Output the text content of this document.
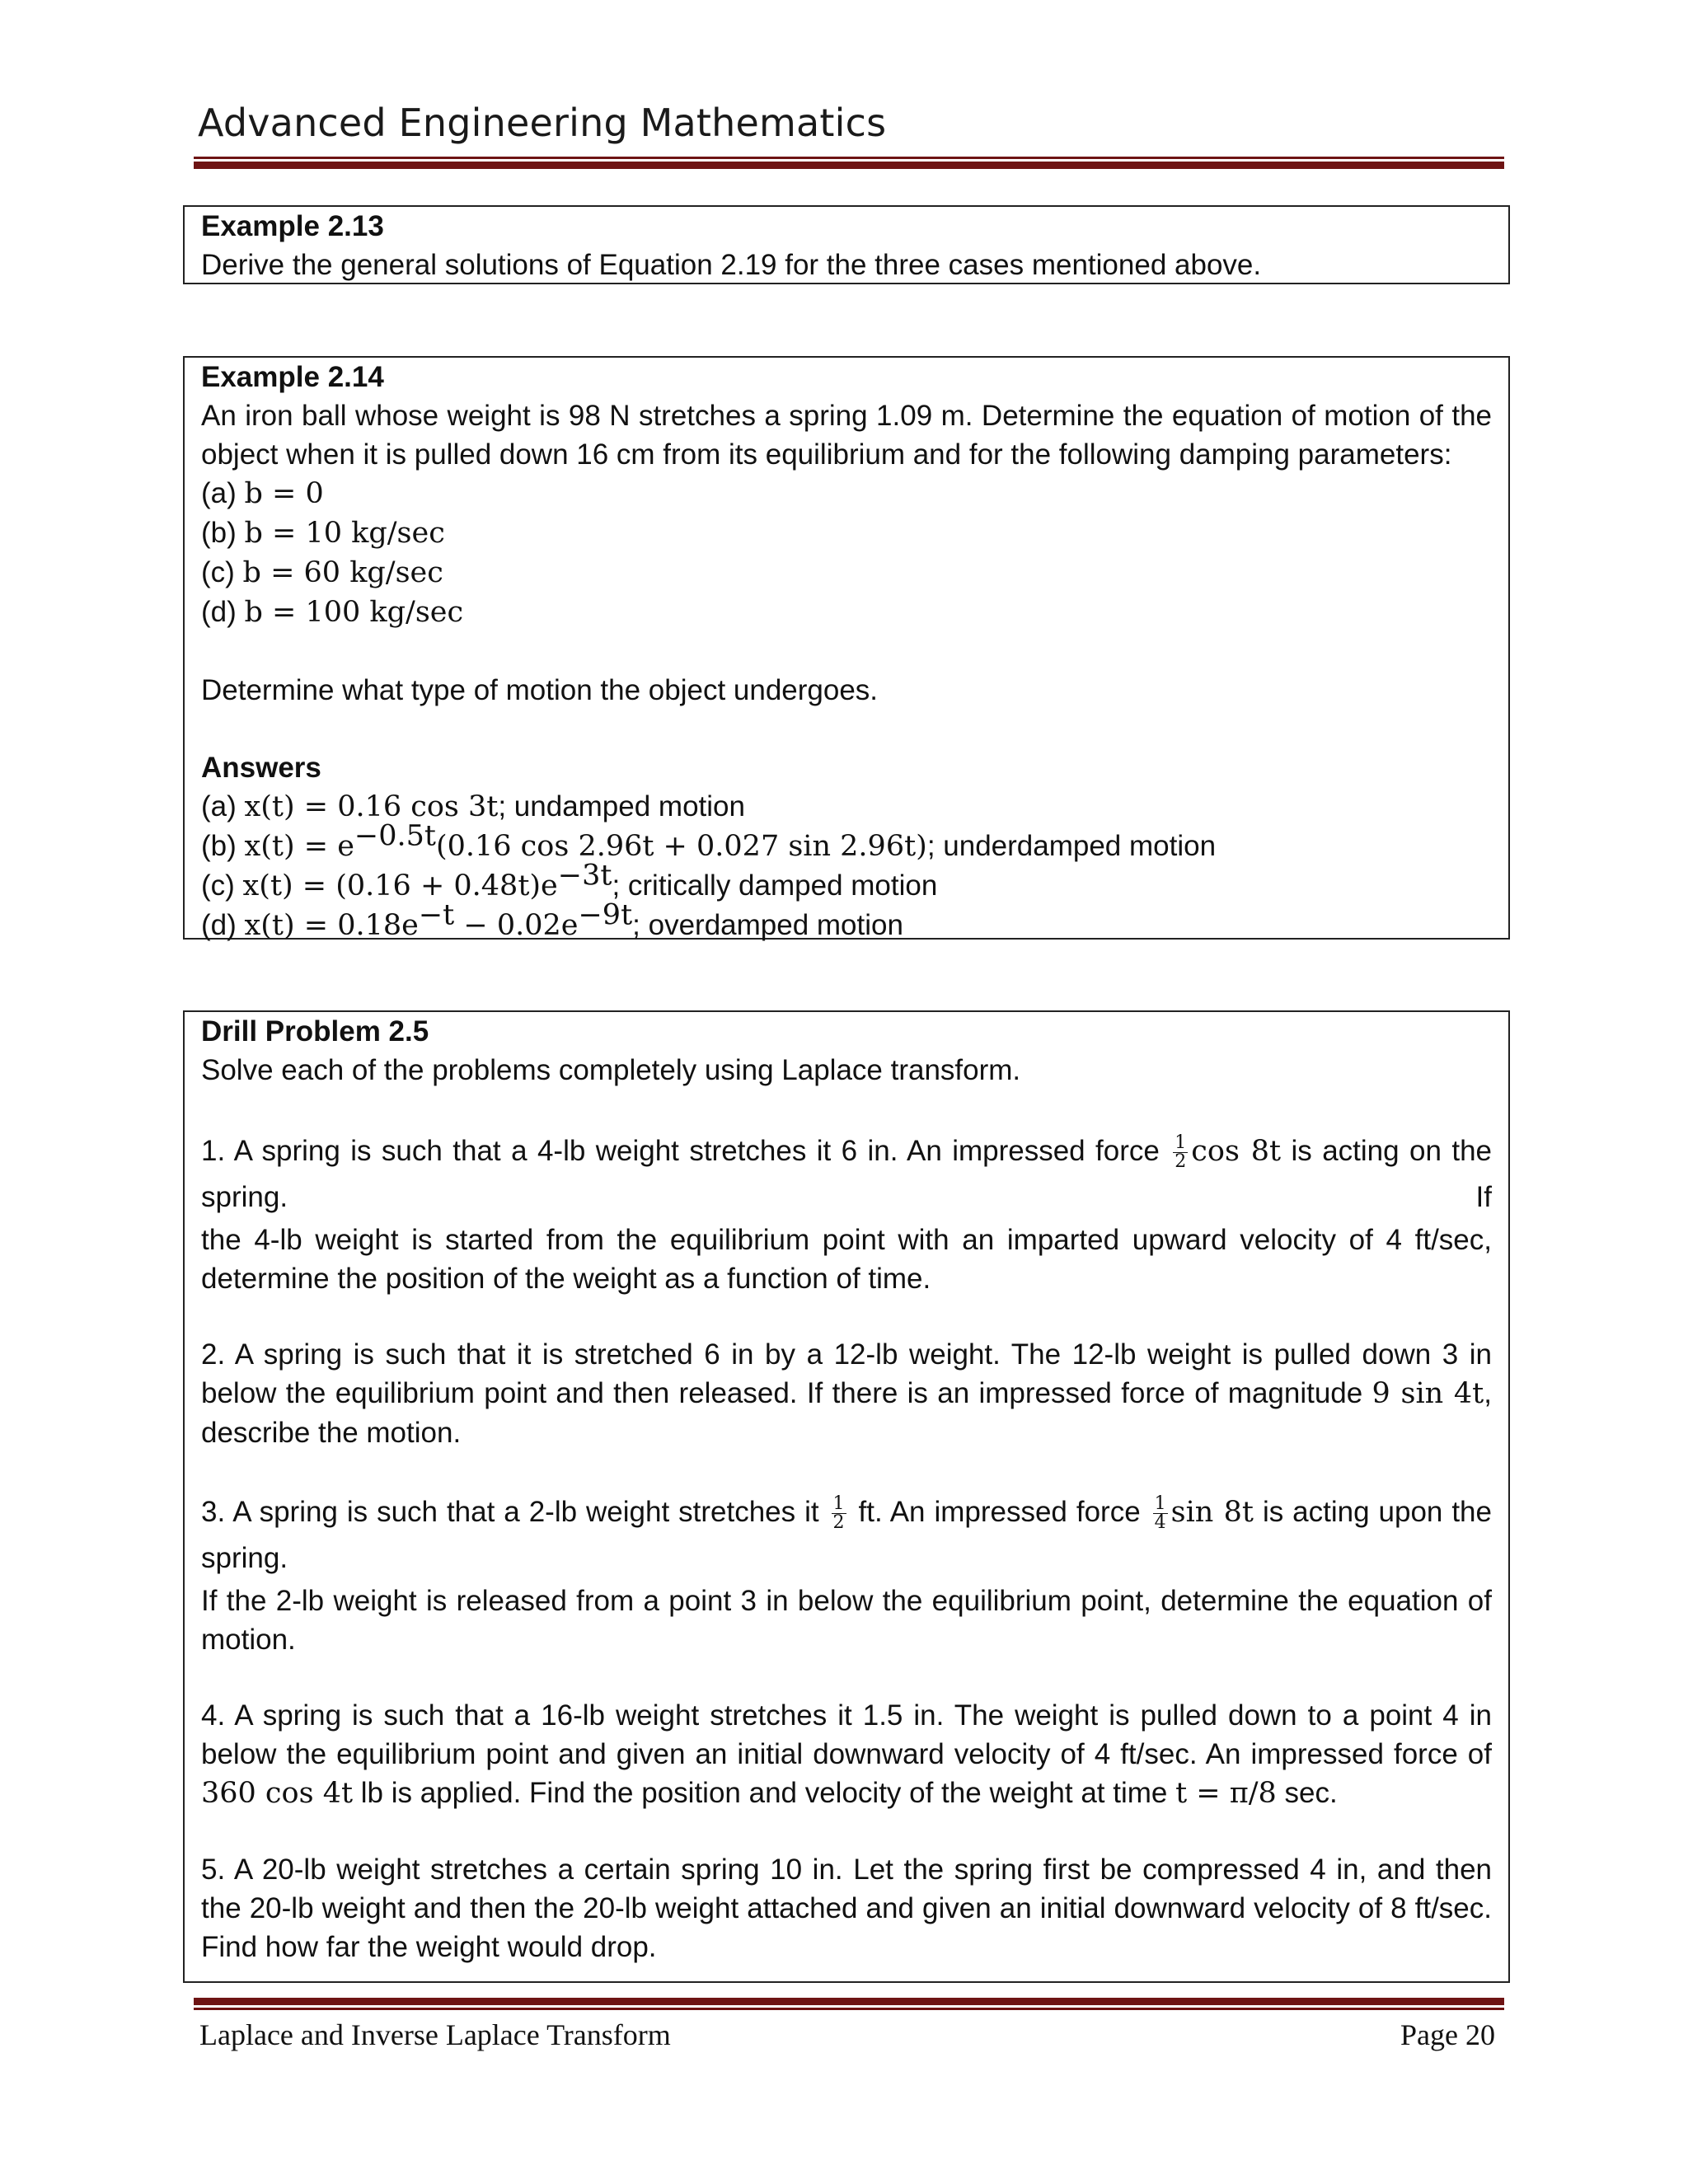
Advanced Engineering Mathematics
Example 2.13
Derive the general solutions of Equation 2.19 for the three cases mentioned above.
Example 2.14
An iron ball whose weight is 98 N stretches a spring 1.09 m. Determine the equation of motion of the object when it is pulled down 16 cm from its equilibrium and for the following damping parameters:
(a) b = 0
(b) b = 10 kg/sec
(c) b = 60 kg/sec
(d) b = 100 kg/sec
Determine what type of motion the object undergoes.
Answers
(a) x(t) = 0.16 cos 3t; undamped motion
(b) $x(t) = e^{-0.5t}(0.16$ cos 2.96t + 0.027 sin 2.96t); underdamped motion
(c) $x(t) = (0.16 + 0.48t)e^{-3t}$; critically damped motion
(d) $x(t) = 0.18e^{-t} - 0.02e^{-9t}$; overdamped motion
Drill Problem 2.5
Solve each of the problems completely using Laplace transform.
1. A spring is such that a 4-lb weight stretches it 6 in. An impressed force $\frac{1}{2}$ cos 8t is acting on the spring. If
the 4-lb weight is started from the equilibrium point with an imparted upward velocity of 4 ft/sec, determine the position of the weight as a function of time.
2. A spring is such that it is stretched 6 in by a 12-lb weight. The 12-lb weight is pulled down 3 in below the equilibrium point and then released. If there is an impressed force of magnitude 9 sin 4t, describe the motion.
3. A spring is such that a 2-lb weight stretches it $\frac{1}{2}$ ft. An impressed force $\frac{1}{4}$ sin 8t is acting upon the spring.
If the 2-lb weight is released from a point 3 in below the equilibrium point, determine the equation of motion.
4. A spring is such that a 16-lb weight stretches it 1.5 in. The weight is pulled down to a point 4 in below the equilibrium point and given an initial downward velocity of 4 ft/sec. An impressed force of 360 cos 4t lb is applied. Find the position and velocity of the weight at time t = π/8 sec.
5. A 20-lb weight stretches a certain spring 10 in. Let the spring first be compressed 4 in, and then the 20-lb weight and then the 20-lb weight attached and given an initial downward velocity of 8 ft/sec. Find how far the weight would drop.
Laplace and Inverse Laplace Transform	Page 20
